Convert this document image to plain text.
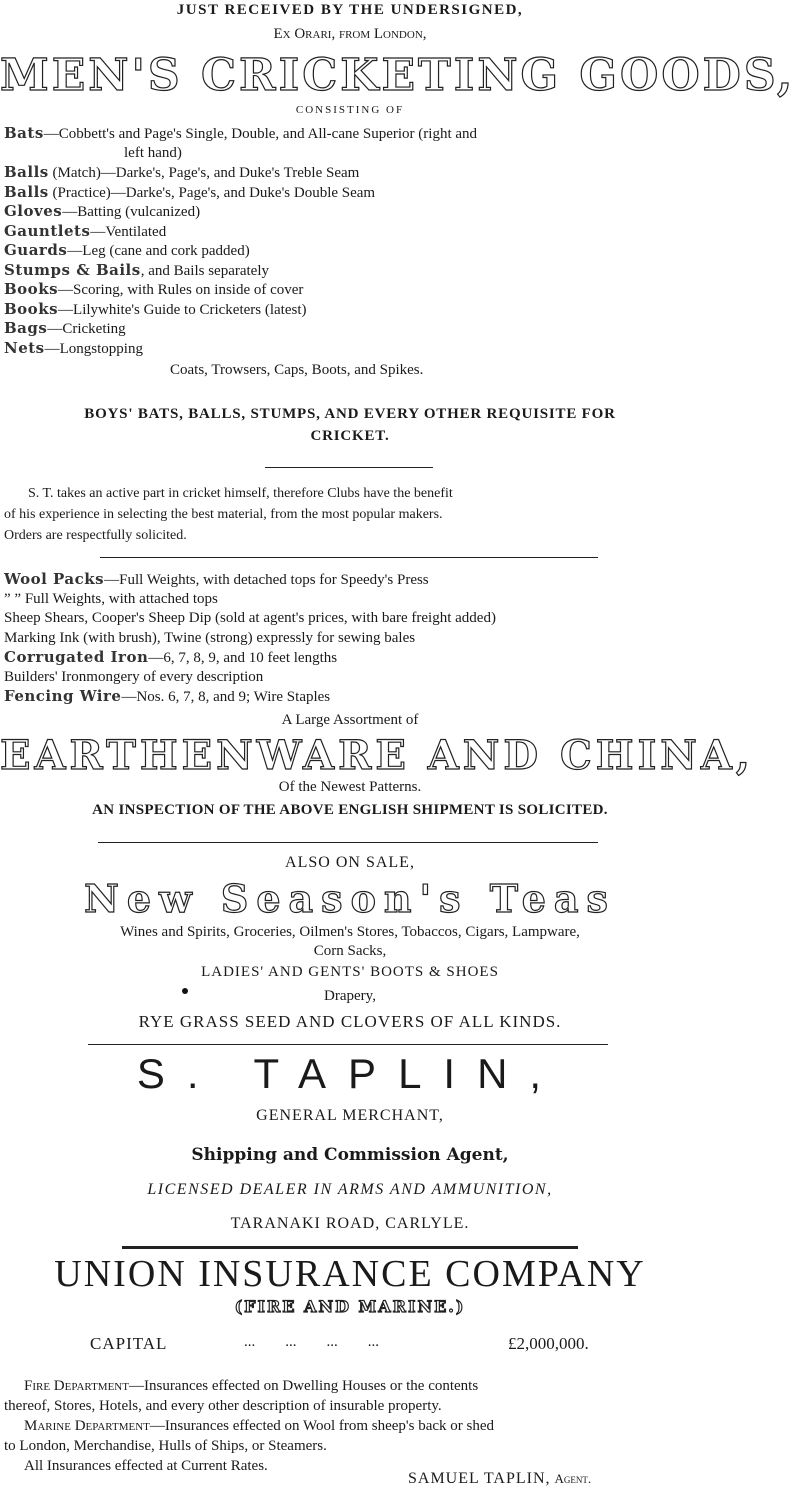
JUST RECEIVED BY THE UNDERSIGNED,
Ex Orari, from London,
MEN'S CRICKETING GOODS,
CONSISTING OF
Bats—Cobbett's and Page's Single, Double, and All-cane Superior (right and
left hand)
Balls (Match)—Darke's, Page's, and Duke's Treble Seam
Balls (Practice)—Darke's, Page's, and Duke's Double Seam
Gloves—Batting (vulcanized)
Gauntlets—Ventilated
Guards—Leg (cane and cork padded)
Stumps & Bails, and Bails separately
Books—Scoring, with Rules on inside of cover
Books—Lilywhite's Guide to Cricketers (latest)
Bags—Cricketing
Nets—Longstopping
Coats, Trowsers, Caps, Boots, and Spikes.
BOYS' BATS, BALLS, STUMPS, AND EVERY OTHER REQUISITE FOR
CRICKET.
S. T. takes an active part in cricket himself, therefore Clubs have the benefit
of his experience in selecting the best material, from the most popular makers.
Orders are respectfully solicited.
Wool Packs—Full Weights, with detached tops for Speedy's Press
” ” Full Weights, with attached tops
Sheep Shears, Cooper's Sheep Dip (sold at agent's prices, with bare freight added)
Marking Ink (with brush), Twine (strong) expressly for sewing bales
Corrugated Iron—6, 7, 8, 9, and 10 feet lengths
Builders' Ironmongery of every description
Fencing Wire—Nos. 6, 7, 8, and 9; Wire Staples
A Large Assortment of
EARTHENWARE AND CHINA,
Of the Newest Patterns.
AN INSPECTION OF THE ABOVE ENGLISH SHIPMENT IS SOLICITED.
ALSO ON SALE,
New Season's Teas
Wines and Spirits, Groceries, Oilmen's Stores, Tobaccos, Cigars, Lampware,
Corn Sacks,
LADIES' AND GENTS' BOOTS & SHOES
Drapery,
RYE GRASS SEED AND CLOVERS OF ALL KINDS.
S. TAPLIN,
GENERAL MERCHANT,
Shipping and Commission Agent,
LICENSED DEALER IN ARMS AND AMMUNITION,
TARANAKI ROAD, CARLYLE.
UNION INSURANCE COMPANY
(FIRE AND MARINE.)
CAPITAL	...        ...        ...        ...	£2,000,000.
Fire Department—Insurances effected on Dwelling Houses or the contents
thereof, Stores, Hotels, and every other description of insurable property.
Marine Department—Insurances effected on Wool from sheep's back or shed
to London, Merchandise, Hulls of Ships, or Steamers.
All Insurances effected at Current Rates.
SAMUEL TAPLIN, Agent.
